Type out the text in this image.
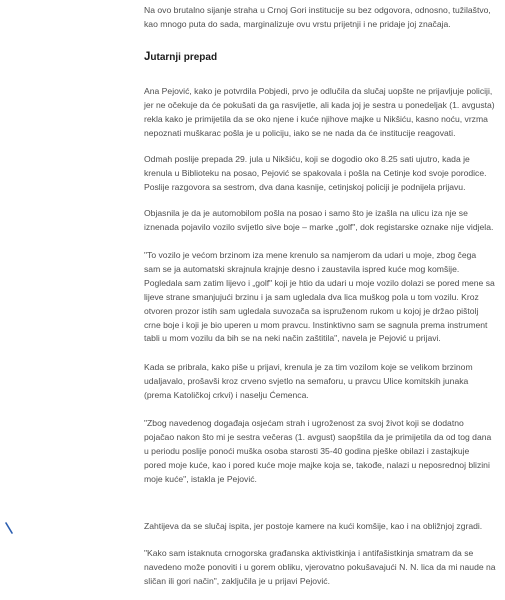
Na ovo brutalno sijanje straha u Crnoj Gori institucije su bez odgovora, odnosno, tužilaštvo,
kao mnogo puta do sada, marginalizuje ovu vrstu prijetnji i ne pridaje joj značaja.

Jutarnji prepad

Ana Pejović, kako je potvrdila Pobjedi, prvo je odlučila da slučaj uopšte ne prijavljuje policiji,
jer ne očekuje da će pokušati da ga rasvijetle, ali kada joj je sestra u ponedeljak (1. avgusta)
rekla kako je primijetila da se oko njene i kuće njihove majke u Nikšiću, kasno noću, vrzma
nepoznati muškarac pošla je u policiju, iako se ne nada da će institucije reagovati.

Odmah poslije prepada 29. jula u Nikšiću, koji se dogodio oko 8.25 sati ujutro, kada je
krenula u Biblioteku na posao, Pejović se spakovala i pošla na Cetinje kod svoje porodice.
Poslije razgovora sa sestrom, dva dana kasnije, cetinjskoj policiji je podnijela prijavu.

Objasnila je da je automobilom pošla na posao i samo što je izašla na ulicu iza nje se
iznenada pojavilo vozilo svijetlo sive boje – marke „golf", dok registarske oznake nije vidjela.

"To vozilo je većom brzinom iza mene krenulo sa namjerom da udari u moje, zbog čega
sam se ja automatski skrajnula krajnje desno i zaustavila ispred kuće mog komšije.
Pogledala sam zatim lijevo i „golf" koji je htio da udari u moje vozilo dolazi se pored mene sa
lijeve strane smanjujući brzinu i ja sam ugledala dva lica muškog pola u tom vozilu. Kroz
otvoren prozor istih sam ugledala suvozača sa ispruženom rukom u kojoj je držao pištolj
crne boje i koji je bio uperen u mom pravcu. Instinktivno sam se sagnula prema instrument
tabli u mom vozilu da bih se na neki način zaštitila", navela je Pejović u prijavi.

Kada se pribrala, kako piše u prijavi, krenula je za tim vozilom koje se velikom brzinom
udaljavalo, prošavši kroz crveno svjetlo na semaforu, u pravcu Ulice komitskih junaka
(prema Katoličkoj crkvi) i naselju Ćemenca.

"Zbog navedenog događaja osjećam strah i ugroženost za svoj život koji se dodatno
pojačao nakon što mi je sestra večeras (1. avgust) saopštila da je primijetila da od tog dana
u periodu poslije ponoći muška osoba starosti 35-40 godina pješke obilazi i zastajkuje
pored moje kuće, kao i pored kuće moje majke koja se, takođe, nalazi u neposrednoj blizini
moje kuće", istakla je Pejović.

Zahtijeva da se slučaj ispita, jer postoje kamere na kući komšije, kao i na obližnjoj zgradi.

"Kako sam istaknuta crnogorska građanska aktivistkinja i antifašistkinja smatram da se
navedeno može ponoviti i u gorem obliku, vjerovatno pokušavajući N. N. lica da mi naude na
sličan ili gori način", zaključila je u prijavi Pejović.
